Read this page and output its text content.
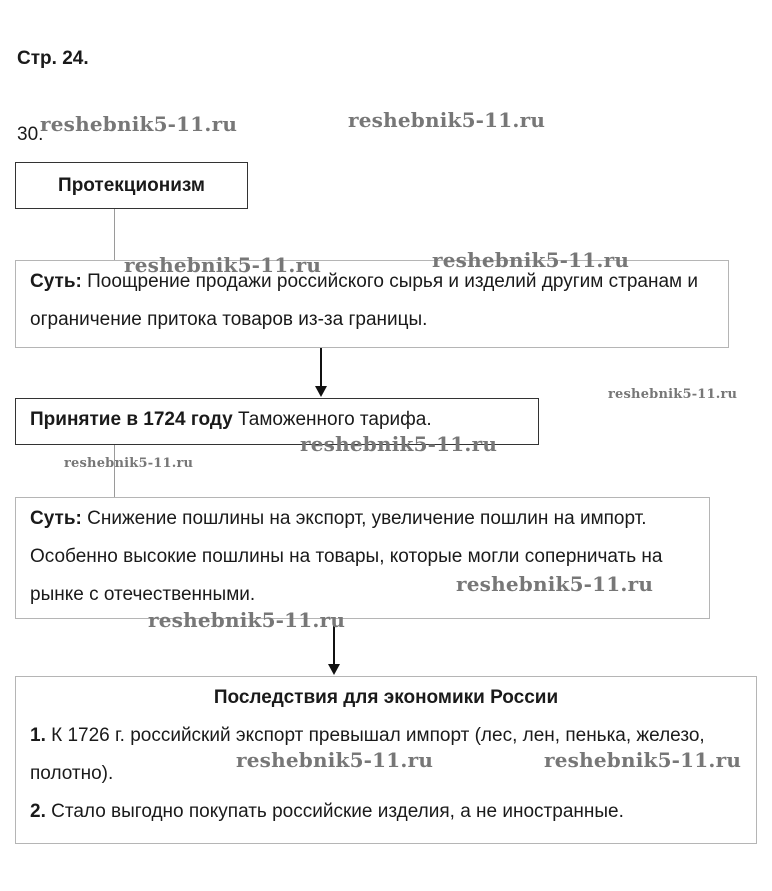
Стр. 24.
30.
Протекционизм
Суть: Поощрение продажи российского сырья и изделий другим странам и ограничение притока товаров из-за границы.
Принятие в 1724 году Таможенного тарифа.
Суть: Снижение пошлины на экспорт, увеличение пошлин на импорт. Особенно высокие пошлины на товары, которые могли соперничать на рынке с отечественными.
Последствия для экономики России
1. К 1726 г. российский экспорт превышал импорт (лес, лен, пенька, железо, полотно).
2. Стало выгодно покупать российские изделия, а не иностранные.
reshebnik5-11.ru	reshebnik5-11.ru
reshebnik5-11.ru	reshebnik5-11.ru
reshebnik5-11.ru
reshebnik5-11.ru
reshebnik5-11.ru
reshebnik5-11.ru
reshebnik5-11.ru
reshebnik5-11.ru	reshebnik5-11.ru
